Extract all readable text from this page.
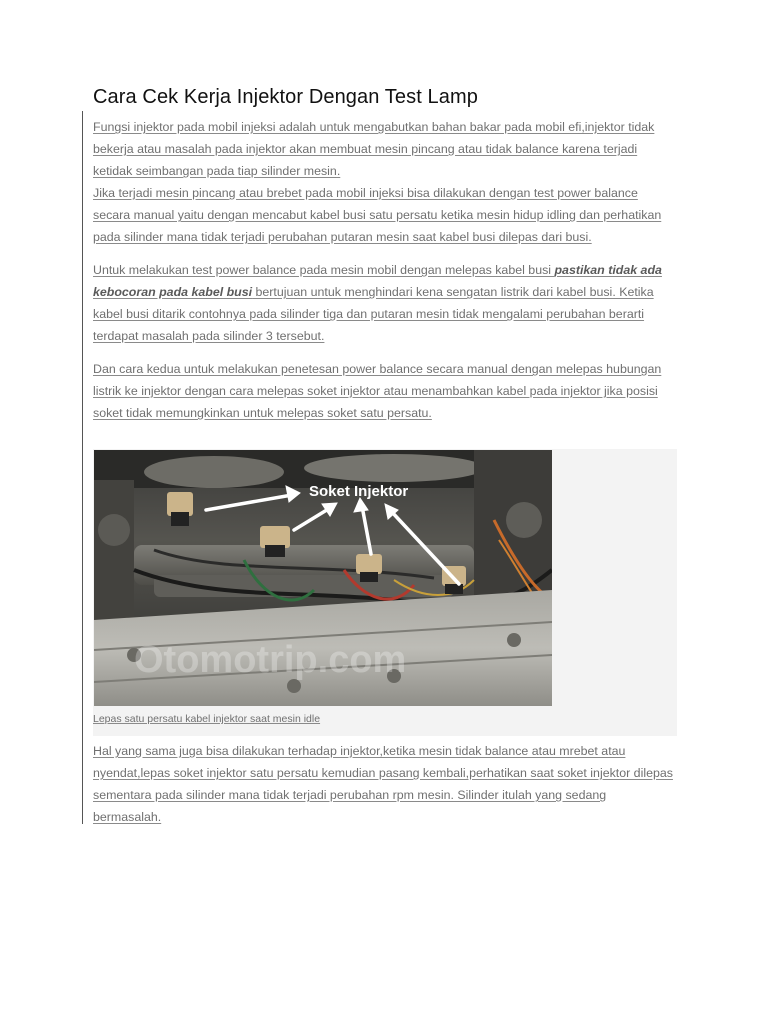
Cara Cek Kerja Injektor Dengan Test Lamp

Fungsi injektor pada mobil injeksi adalah untuk mengabutkan bahan bakar pada mobil efi,injektor tidak bekerja atau masalah pada injektor akan membuat mesin pincang atau tidak balance karena terjadi ketidak seimbangan pada tiap silinder mesin.

Jika terjadi mesin pincang atau brebet pada mobil injeksi bisa dilakukan dengan test power balance secara manual yaitu dengan mencabut kabel busi satu persatu ketika mesin hidup idling dan perhatikan pada silinder mana tidak terjadi perubahan putaran mesin saat kabel busi dilepas dari busi.

Untuk melakukan test power balance pada mesin mobil dengan melepas kabel busi pastikan tidak ada kebocoran pada kabel busi bertujuan untuk menghindari kena sengatan listrik dari kabel busi. Ketika kabel busi ditarik contohnya pada silinder tiga dan putaran mesin tidak mengalami perubahan berarti terdapat masalah pada silinder 3 tersebut.

Dan cara kedua untuk melakukan penetesan power balance secara manual dengan melepas hubungan listrik ke injektor dengan cara melepas soket injektor atau menambahkan kabel pada injektor jika posisi soket tidak memungkinkan untuk melepas soket satu persatu.

Soket Injektor
Otomotrip.com
Lepas satu persatu kabel injektor saat mesin idle

Hal yang sama juga bisa dilakukan terhadap injektor,ketika mesin tidak balance atau mrebet atau nyendat,lepas soket injektor satu persatu kemudian pasang kembali,perhatikan saat soket injektor dilepas sementara pada silinder mana tidak terjadi perubahan rpm mesin. Silinder itulah yang sedang bermasalah.
